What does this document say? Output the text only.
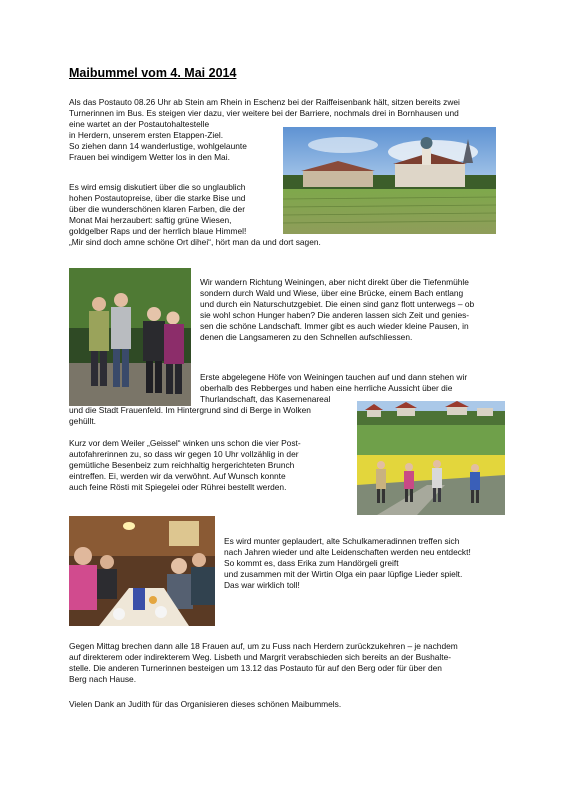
Maibummel vom 4. Mai 2014
Als das Postauto 08.26 Uhr ab Stein am Rhein in Eschenz bei der Raiffeisenbank hält, sitzen bereits zwei
Turnerinnen im Bus. Es steigen vier dazu, vier weitere bei der Barriere, nochmals drei in Bornhausen und
eine wartet an der Postautohaltestelle
in Herdern, unserem ersten Etappen-Ziel.
So ziehen dann 14 wanderlustige, wohlgelaunte
Frauen bei windigem Wetter los in den Mai.
Es wird emsig diskutiert über die so unglaublich
hohen Postautopreise, über die starke Bise und
über die wunderschönen klaren Farben, die der
Monat Mai herzaubert: saftig grüne Wiesen,
goldgelber Raps und der herrlich blaue Himmel!
„Mir sind doch amne schöne Ort dihei“, hört man da und dort sagen.
Wir wandern Richtung Weiningen, aber nicht direkt über die Tiefenmühle
sondern durch Wald und Wiese, über eine Brücke, einem Bach entlang
und durch ein Naturschutzgebiet. Die einen sind ganz flott unterwegs – ob
sie wohl schon Hunger haben? Die anderen lassen sich Zeit und genies-
sen die schöne Landschaft. Immer gibt es auch wieder kleine Pausen, in
denen die Langsameren zu den Schnellen aufschliessen.
Erste abgelegene Höfe von Weiningen tauchen auf und dann stehen wir
oberhalb des Rebberges und haben eine herrliche Aussicht über die
Thurlandschaft, das Kasernenareal
und die Stadt Frauenfeld. Im Hintergrund sind di Berge in Wolken
gehüllt.
Kurz vor dem Weiler „Geissel“ winken uns schon die vier Post-
autofahrerinnen zu, so dass wir gegen 10 Uhr vollzählig in der
gemütliche Besenbeiz zum reichhaltig hergerichteten Brunch
eintreffen. Ei, werden wir da verwöhnt. Auf Wunsch konnte
auch feine Rösti mit Spiegelei oder Rührei bestellt werden.
Es wird munter geplaudert, alte Schulkameradinnen treffen sich
nach Jahren wieder und alte Leidenschaften werden neu entdeckt!
So kommt es, dass Erika zum Handörgeli greift
und zusammen mit der Wirtin Olga ein paar lüpfige Lieder spielt.
Das war wirklich toll!
Gegen Mittag brechen dann alle 18 Frauen auf, um zu Fuss nach Herdern zurückzukehren – je nachdem
auf direkterem oder indirekterem Weg. Lisbeth und Margrit verabschieden sich bereits an der Bushalte-
stelle. Die anderen Turnerinnen besteigen um 13.12 das Postauto für auf den Berg oder für über den
Berg nach Hause.
Vielen Dank an Judith für das Organisieren dieses schönen Maibummels.
